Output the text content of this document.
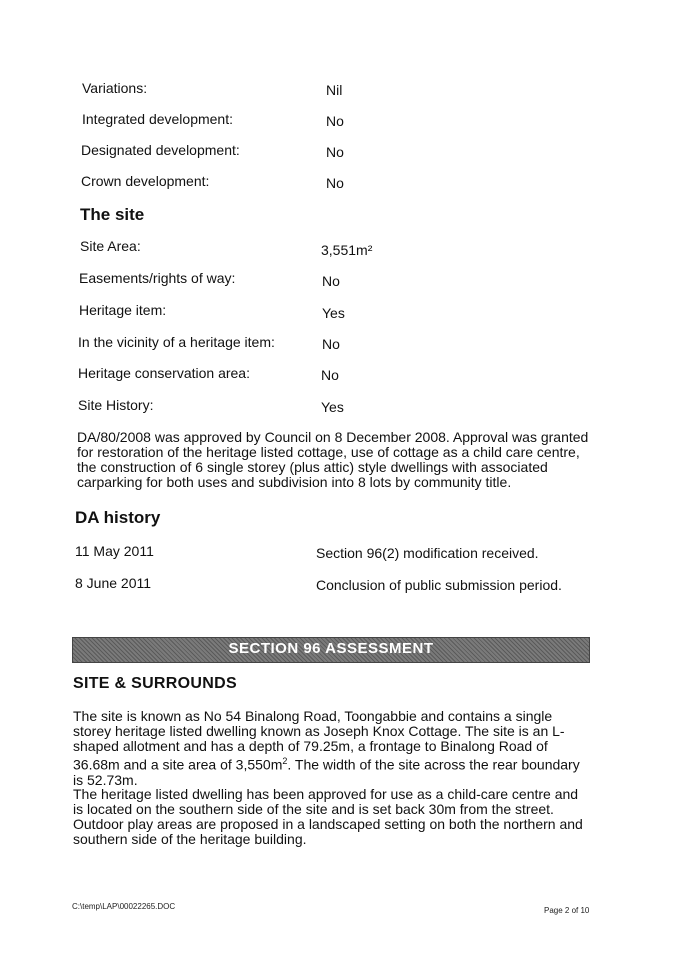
Variations:	Nil
Integrated development:	No
Designated development:	No
Crown development:	No
The site
Site Area:	3,551m²
Easements/rights of way:	No
Heritage item:	Yes
In the vicinity of a heritage item:	No
Heritage conservation area:	No
Site History:	Yes
DA/80/2008 was approved by Council on 8 December 2008. Approval was granted for restoration of the heritage listed cottage, use of cottage as a child care centre, the construction of 6 single storey (plus attic) style dwellings with associated carparking for both uses and subdivision into 8 lots by community title.
DA history
11 May 2011	Section 96(2) modification received.
8 June 2011	Conclusion of public submission period.
SECTION 96 ASSESSMENT
SITE & SURROUNDS
The site is known as No 54 Binalong Road, Toongabbie and contains a single storey heritage listed dwelling known as Joseph Knox Cottage. The site is an L-shaped allotment and has a depth of 79.25m, a frontage to Binalong Road of 36.68m and a site area of $3,550m^2$. The width of the site across the rear boundary is 52.73m.
The heritage listed dwelling has been approved for use as a child-care centre and is located on the southern side of the site and is set back 30m from the street. Outdoor play areas are proposed in a landscaped setting on both the northern and southern side of the heritage building.
C:\temp\LAP\00022265.DOC	Page 2 of 10
